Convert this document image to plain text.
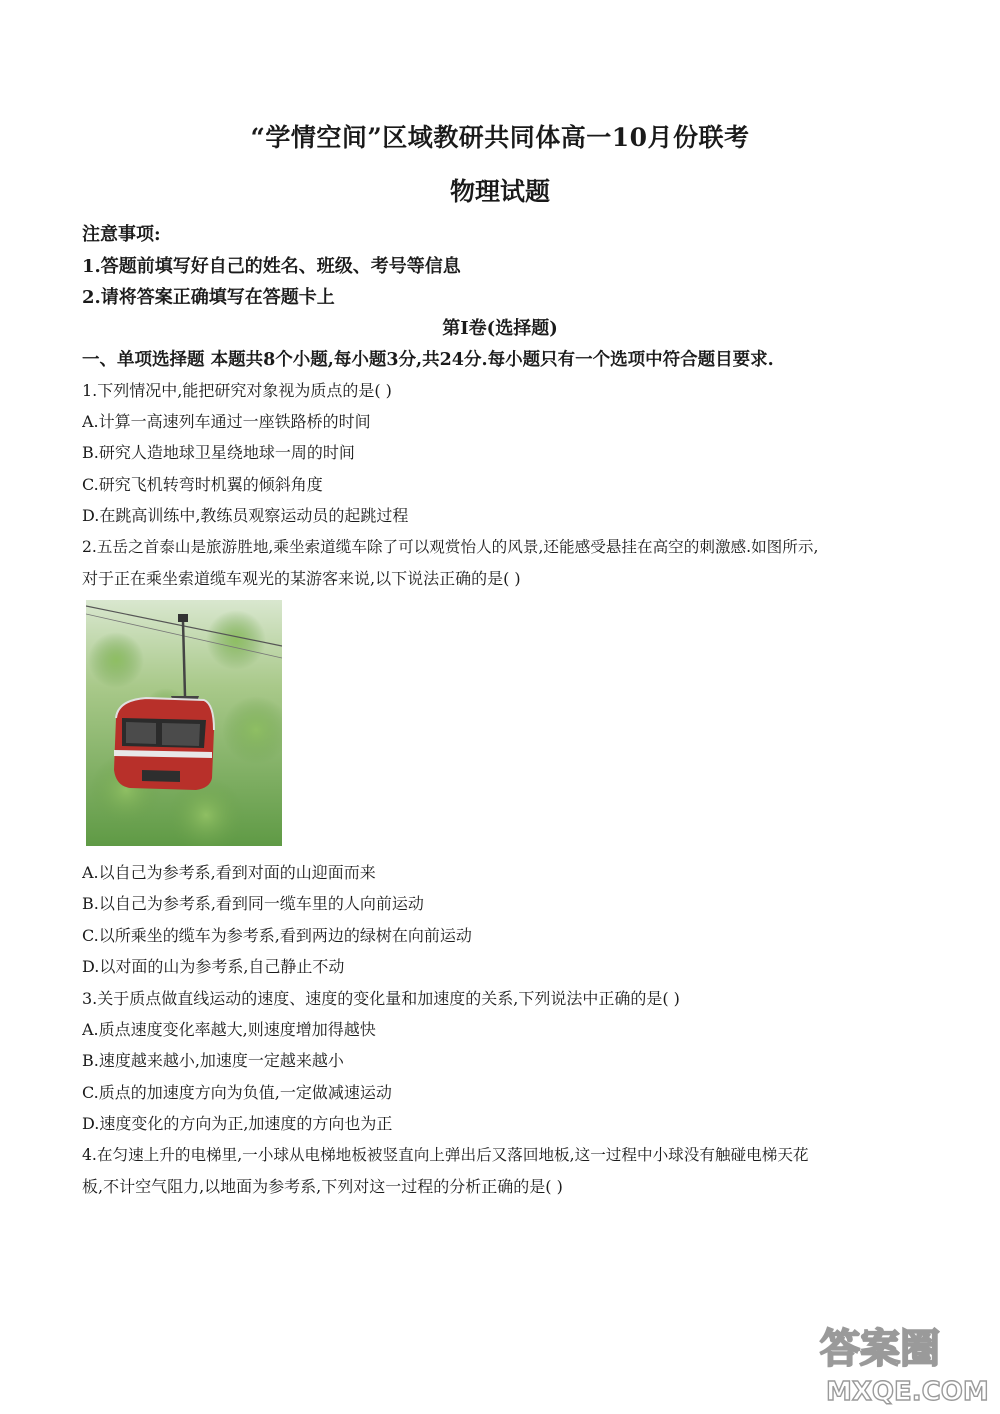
“学情空间”区域教研共同体高一10月份联考
物理试题
注意事项:
1.答题前填写好自己的姓名、班级、考号等信息
2.请将答案正确填写在答题卡上
第I卷(选择题)
一、单项选择题 本题共8个小题,每小题3分,共24分.每小题只有一个选项中符合题目要求.
1.下列情况中,能把研究对象视为质点的是( )
A.计算一高速列车通过一座铁路桥的时间
B.研究人造地球卫星绕地球一周的时间
C.研究飞机转弯时机翼的倾斜角度
D.在跳高训练中,教练员观察运动员的起跳过程
2.五岳之首泰山是旅游胜地,乘坐索道缆车除了可以观赏怡人的风景,还能感受悬挂在高空的刺激感.如图所示,
对于正在乘坐索道缆车观光的某游客来说,以下说法正确的是( )
A.以自己为参考系,看到对面的山迎面而来
B.以自己为参考系,看到同一缆车里的人向前运动
C.以所乘坐的缆车为参考系,看到两边的绿树在向前运动
D.以对面的山为参考系,自己静止不动
3.关于质点做直线运动的速度、速度的变化量和加速度的关系,下列说法中正确的是( )
A.质点速度变化率越大,则速度增加得越快
B.速度越来越小,加速度一定越来越小
C.质点的加速度方向为负值,一定做减速运动
D.速度变化的方向为正,加速度的方向也为正
4.在匀速上升的电梯里,一小球从电梯地板被竖直向上弹出后又落回地板,这一过程中小球没有触碰电梯天花
板,不计空气阻力,以地面为参考系,下列对这一过程的分析正确的是( )
答案圈
MXQE.COM
